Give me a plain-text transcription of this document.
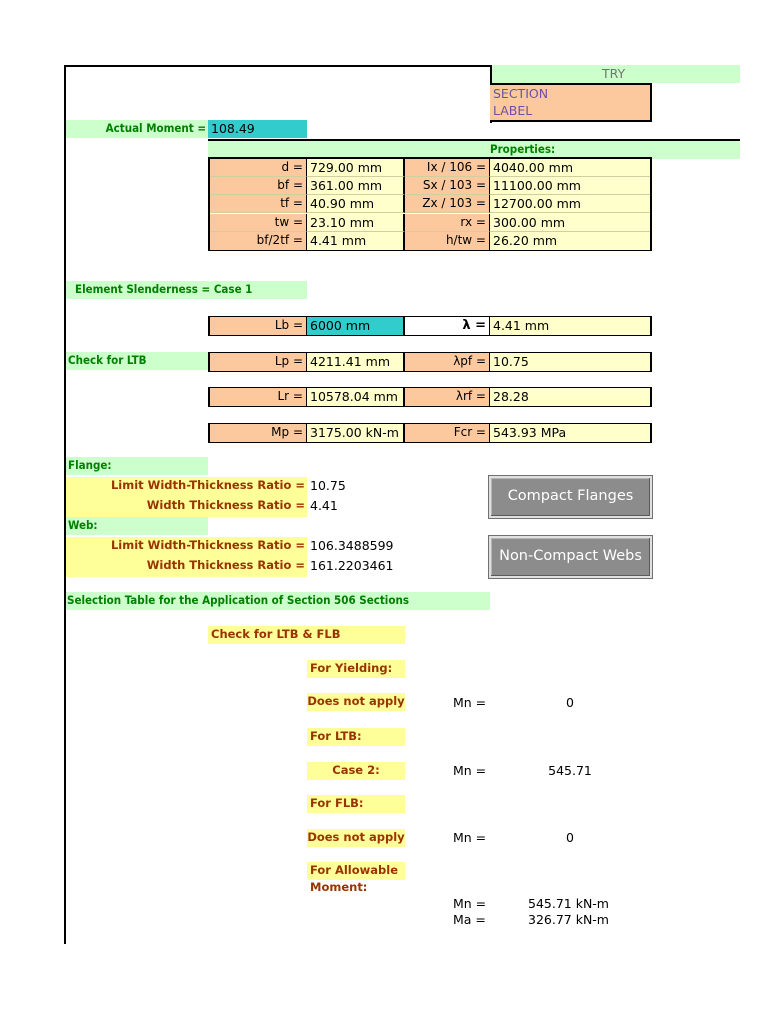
TRY
SECTION
LABEL
Actual Moment = 108.49
Properties:
d = 729.00 mm	Ix / 106 = 4040.00 mm
bf = 361.00 mm	Sx / 103 = 11100.00 mm
tf = 40.90 mm	Zx / 103 = 12700.00 mm
tw = 23.10 mm	rx = 300.00 mm
bf/2tf = 4.41 mm	h/tw = 26.20 mm
Element Slenderness = Case 1
Check for LTB
Lb = 6000 mm	λ = 4.41 mm
Lp = 4211.41 mm	λpf = 10.75
Lr = 10578.04 mm	λrf = 28.28
Mp = 3175.00 kN-m	Fcr = 543.93 MPa
Flange:
Limit Width-Thickness Ratio = 10.75
Width Thickness Ratio = 4.41
Compact Flanges
Web:
Limit Width-Thickness Ratio = 106.3488599
Width Thickness Ratio = 161.2203461
Non-Compact Webs
Selection Table for the Application of Section 506 Sections
Check for LTB & FLB
For Yielding:
Does not apply	Mn =	0
For LTB:
Case 2:	Mn =	545.71
For FLB:
Does not apply	Mn =	0
For Allowable Moment:
Mn =	545.71 kN-m
Ma =	326.77 kN-m
